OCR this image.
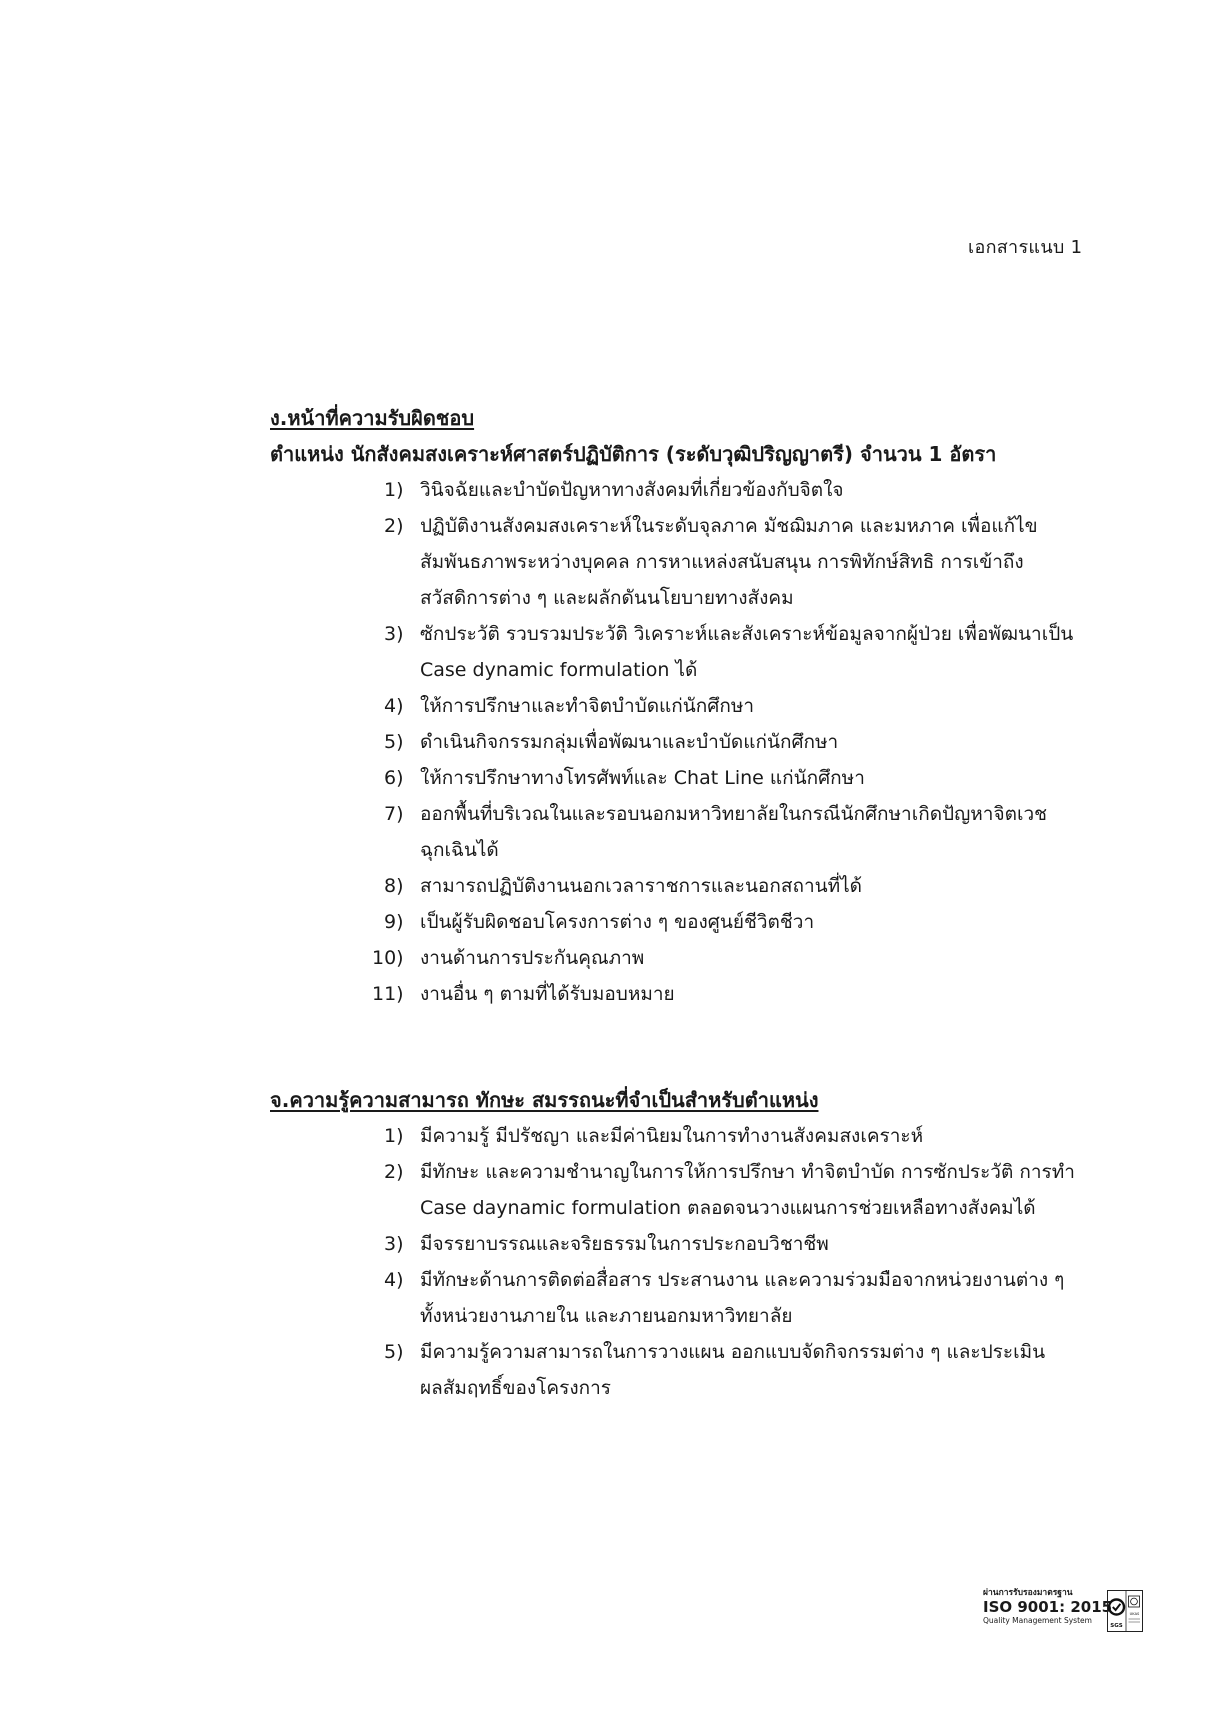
เอกสารแนบ 1
ง.หน้าที่ความรับผิดชอบ
ตำแหน่ง นักสังคมสงเคราะห์ศาสตร์ปฏิบัติการ (ระดับวุฒิปริญญาตรี) จำนวน 1 อัตรา
1) วินิจฉัยและบำบัดปัญหาทางสังคมที่เกี่ยวข้องกับจิตใจ
2) ปฏิบัติงานสังคมสงเคราะห์ในระดับจุลภาค มัชฌิมภาค และมหภาค เพื่อแก้ไข
สัมพันธภาพระหว่างบุคคล การหาแหล่งสนับสนุน การพิทักษ์สิทธิ การเข้าถึง
สวัสดิการต่าง ๆ และผลักดันนโยบายทางสังคม
3) ซักประวัติ รวบรวมประวัติ วิเคราะห์และสังเคราะห์ข้อมูลจากผู้ป่วย เพื่อพัฒนาเป็น
Case dynamic formulation ได้
4) ให้การปรึกษาและทำจิตบำบัดแก่นักศึกษา
5) ดำเนินกิจกรรมกลุ่มเพื่อพัฒนาและบำบัดแก่นักศึกษา
6) ให้การปรึกษาทางโทรศัพท์และ Chat Line แก่นักศึกษา
7) ออกพื้นที่บริเวณในและรอบนอกมหาวิทยาลัยในกรณีนักศึกษาเกิดปัญหาจิตเวช
ฉุกเฉินได้
8) สามารถปฏิบัติงานนอกเวลาราชการและนอกสถานที่ได้
9) เป็นผู้รับผิดชอบโครงการต่าง ๆ ของศูนย์ชีวิตชีวา
10) งานด้านการประกันคุณภาพ
11) งานอื่น ๆ ตามที่ได้รับมอบหมาย
จ.ความรู้ความสามารถ ทักษะ สมรรถนะที่จำเป็นสำหรับตำแหน่ง
1) มีความรู้ มีปรัชญา และมีค่านิยมในการทำงานสังคมสงเคราะห์
2) มีทักษะ และความชำนาญในการให้การปรึกษา ทำจิตบำบัด การซักประวัติ การทำ
Case daynamic formulation ตลอดจนวางแผนการช่วยเหลือทางสังคมได้
3) มีจรรยาบรรณและจริยธรรมในการประกอบวิชาชีพ
4) มีทักษะด้านการติดต่อสื่อสาร ประสานงาน และความร่วมมือจากหน่วยงานต่าง ๆ
ทั้งหน่วยงานภายใน และภายนอกมหาวิทยาลัย
5) มีความรู้ความสามารถในการวางแผน ออกแบบจัดกิจกรรมต่าง ๆ และประเมิน
ผลสัมฤทธิ์ของโครงการ
ผ่านการรับรองมาตรฐาน
ISO 9001: 2015
Quality Management System
SGS
UKAS
